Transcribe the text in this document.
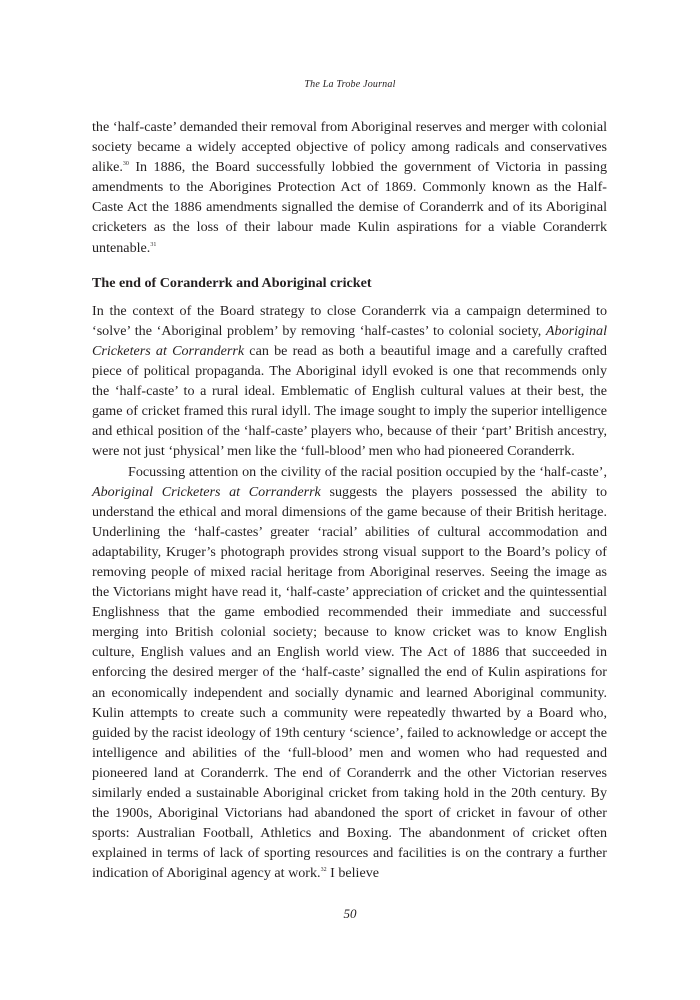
The La Trobe Journal

the ‘half-caste’ demanded their removal from Aboriginal reserves and merger with colonial society became a widely accepted objective of policy among radicals and conservatives alike.$^{30}$ In 1886, the Board successfully lobbied the government of Victoria in passing amendments to the Aborigines Protection Act of 1869. Commonly known as the Half-Caste Act the 1886 amendments signalled the demise of Coranderrk and of its Aboriginal cricketers as the loss of their labour made Kulin aspirations for a viable Coranderrk untenable.$^{31}$

The end of Coranderrk and Aboriginal cricket

In the context of the Board strategy to close Coranderrk via a campaign determined to ‘solve’ the ‘Aboriginal problem’ by removing ‘half-castes’ to colonial society, Aboriginal Cricketers at Corranderrk can be read as both a beautiful image and a carefully crafted piece of political propaganda. The Aboriginal idyll evoked is one that recommends only the ‘half-caste’ to a rural ideal. Emblematic of English cultural values at their best, the game of cricket framed this rural idyll. The image sought to imply the superior intelligence and ethical position of the ‘half-caste’ players who, because of their ‘part’ British ancestry, were not just ‘physical’ men like the ‘full-blood’ men who had pioneered Coranderrk.

Focussing attention on the civility of the racial position occupied by the ‘half-caste’, Aboriginal Cricketers at Corranderrk suggests the players possessed the ability to understand the ethical and moral dimensions of the game because of their British heritage. Underlining the ‘half-castes’ greater ‘racial’ abilities of cultural accommodation and adaptability, Kruger’s photograph provides strong visual support to the Board’s policy of removing people of mixed racial heritage from Aboriginal reserves. Seeing the image as the Victorians might have read it, ‘half-caste’ appreciation of cricket and the quintessential Englishness that the game embodied recommended their immediate and successful merging into British colonial society; because to know cricket was to know English culture, English values and an English world view. The Act of 1886 that succeeded in enforcing the desired merger of the ‘half-caste’ signalled the end of Kulin aspirations for an economically independent and socially dynamic and learned Aboriginal community. Kulin attempts to create such a community were repeatedly thwarted by a Board who, guided by the racist ideology of 19th century ‘science’, failed to acknowledge or accept the intelligence and abilities of the ‘full-blood’ men and women who had requested and pioneered land at Coranderrk. The end of Coranderrk and the other Victorian reserves similarly ended a sustainable Aboriginal cricket from taking hold in the 20th century. By the 1900s, Aboriginal Victorians had abandoned the sport of cricket in favour of other sports: Australian Football, Athletics and Boxing. The abandonment of cricket often explained in terms of lack of sporting resources and facilities is on the contrary a further indication of Aboriginal agency at work.$^{32}$ I believe

50
